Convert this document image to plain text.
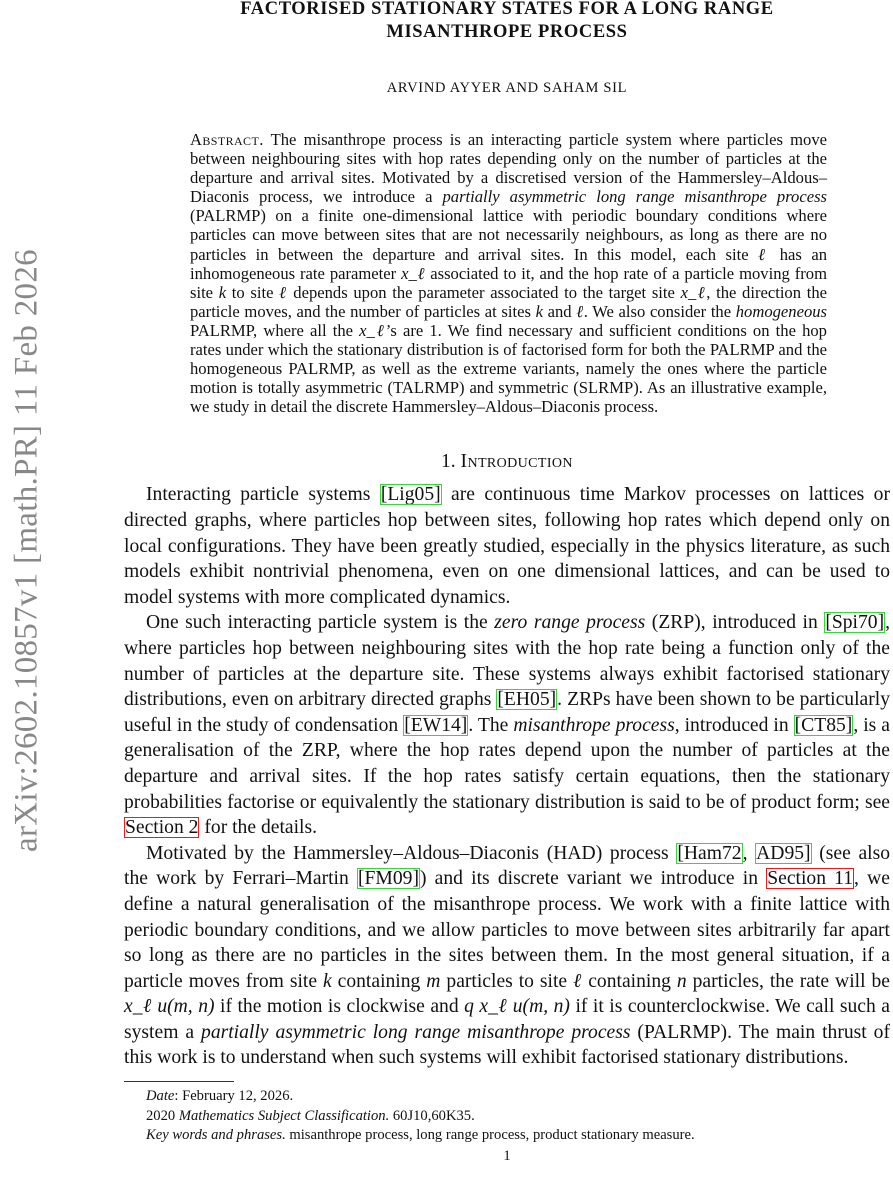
arXiv:2602.10857v1 [math.PR] 11 Feb 2026
FACTORISED STATIONARY STATES FOR A LONG RANGE
MISANTHROPE PROCESS
ARVIND AYYER AND SAHAM SIL
Abstract. The misanthrope process is an interacting particle system where particles move between neighbouring sites with hop rates depending only on the number of particles at the departure and arrival sites. Motivated by a discretised version of the Hammersley–Aldous–Diaconis process, we introduce a partially asymmetric long range misanthrope process (PALRMP) on a finite one-dimensional lattice with periodic boundary conditions where particles can move between sites that are not necessarily neighbours, as long as there are no particles in between the departure and arrival sites. In this model, each site ℓ has an inhomogeneous rate parameter x_ℓ associated to it, and the hop rate of a particle moving from site k to site ℓ depends upon the parameter associated to the target site x_ℓ, the direction the particle moves, and the number of particles at sites k and ℓ. We also consider the homogeneous PALRMP, where all the x_ℓ’s are 1. We find necessary and sufficient conditions on the hop rates under which the stationary distribution is of factorised form for both the PALRMP and the homogeneous PALRMP, as well as the extreme variants, namely the ones where the particle motion is totally asymmetric (TALRMP) and symmetric (SLRMP). As an illustrative example, we study in detail the discrete Hammersley–Aldous–Diaconis process.
1. Introduction

Interacting particle systems [Lig05] are continuous time Markov processes on lattices or directed graphs, where particles hop between sites, following hop rates which depend only on local configurations. They have been greatly studied, especially in the physics literature, as such models exhibit nontrivial phenomena, even on one dimensional lattices, and can be used to model systems with more complicated dynamics.

One such interacting particle system is the zero range process (ZRP), introduced in [Spi70], where particles hop between neighbouring sites with the hop rate being a function only of the number of particles at the departure site. These systems always exhibit factorised stationary distributions, even on arbitrary directed graphs [EH05]. ZRPs have been shown to be particularly useful in the study of condensation [EW14]. The misanthrope process, introduced in [CT85], is a generalisation of the ZRP, where the hop rates depend upon the number of particles at the departure and arrival sites. If the hop rates satisfy certain equations, then the stationary probabilities factorise or equivalently the stationary distribution is said to be of product form; see Section 2 for the details.

Motivated by the Hammersley–Aldous–Diaconis (HAD) process [Ham72, AD95] (see also the work by Ferrari–Martin [FM09]) and its discrete variant we introduce in Section 11, we define a natural generalisation of the misanthrope process. We work with a finite lattice with periodic boundary conditions, and we allow particles to move between sites arbitrarily far apart so long as there are no particles in the sites between them. In the most general situation, if a particle moves from site k containing m particles to site ℓ containing n particles, the rate will be x_ℓ u(m, n) if the motion is clockwise and q x_ℓ u(m, n) if it is counterclockwise. We call such a system a partially asymmetric long range misanthrope process (PALRMP). The main thrust of this work is to understand when such systems will exhibit factorised stationary distributions.

Date: February 12, 2026.
2020 Mathematics Subject Classification. 60J10,60K35.
Key words and phrases. misanthrope process, long range process, product stationary measure.
1
